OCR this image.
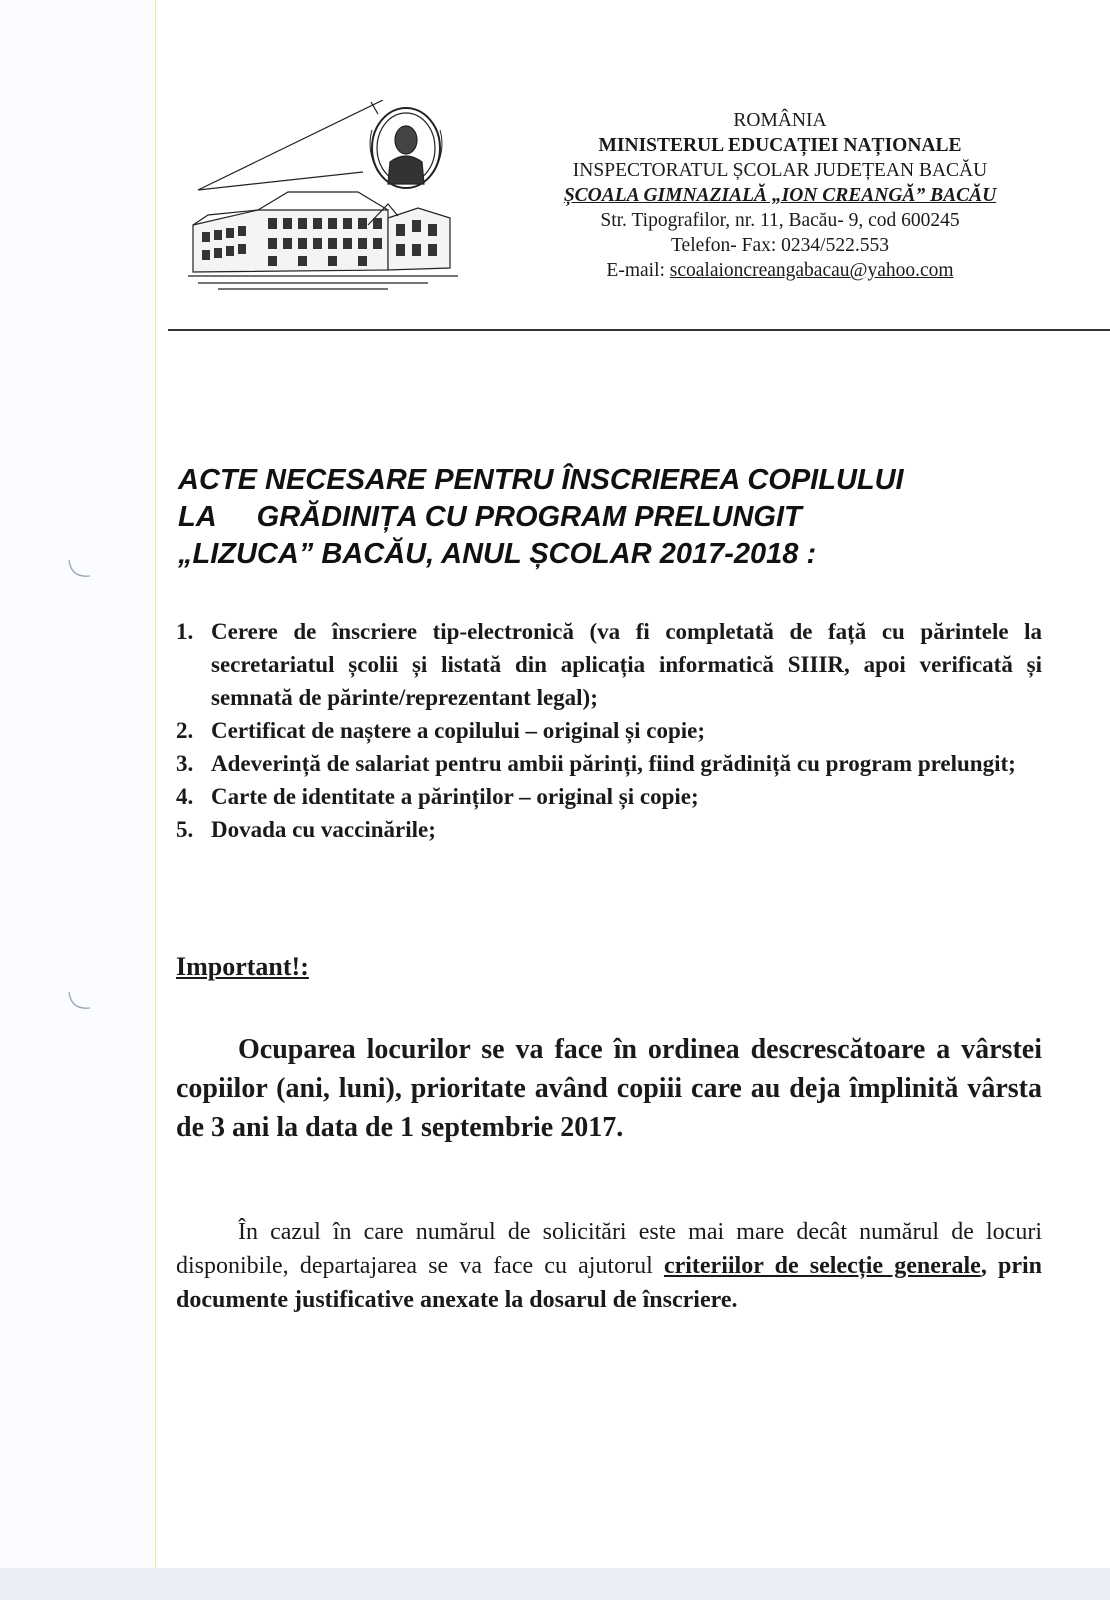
ROMÂNIA
MINISTERUL EDUCAȚIEI NAȚIONALE
INSPECTORATUL ȘCOLAR JUDEȚEAN BACĂU
ȘCOALA GIMNAZIALĂ „ION CREANGĂ” BACĂU
Str. Tipografilor, nr. 11, Bacău- 9, cod 600245
Telefon- Fax: 0234/522.553
E-mail: scoalaioncreangabacau@yahoo.com
ACTE NECESARE PENTRU ÎNSCRIEREA COPILULUI
LA GRĂDINIȚA CU PROGRAM PRELUNGIT
„LIZUCA” BACĂU, ANUL ȘCOLAR 2017-2018 :
1. Cerere de înscriere tip-electronică (va fi completată de față cu părintele la secretariatul școlii și listată din aplicația informatică SIIIR, apoi verificată și semnată de părinte/reprezentant legal);
2. Certificat de naștere a copilului – original și copie;
3. Adeverință de salariat pentru ambii părinți, fiind grădiniță cu program prelungit;
4. Carte de identitate a părinților – original și copie;
5. Dovada cu vaccinările;
Important!:
Ocuparea locurilor se va face în ordinea descrescătoare a vârstei copiilor (ani, luni), prioritate având copiii care au deja împlinită vârsta de 3 ani la data de 1 septembrie 2017.
În cazul în care numărul de solicitări este mai mare decât numărul de locuri disponibile, departajarea se va face cu ajutorul criteriilor de selecție generale, prin documente justificative anexate la dosarul de înscriere.
